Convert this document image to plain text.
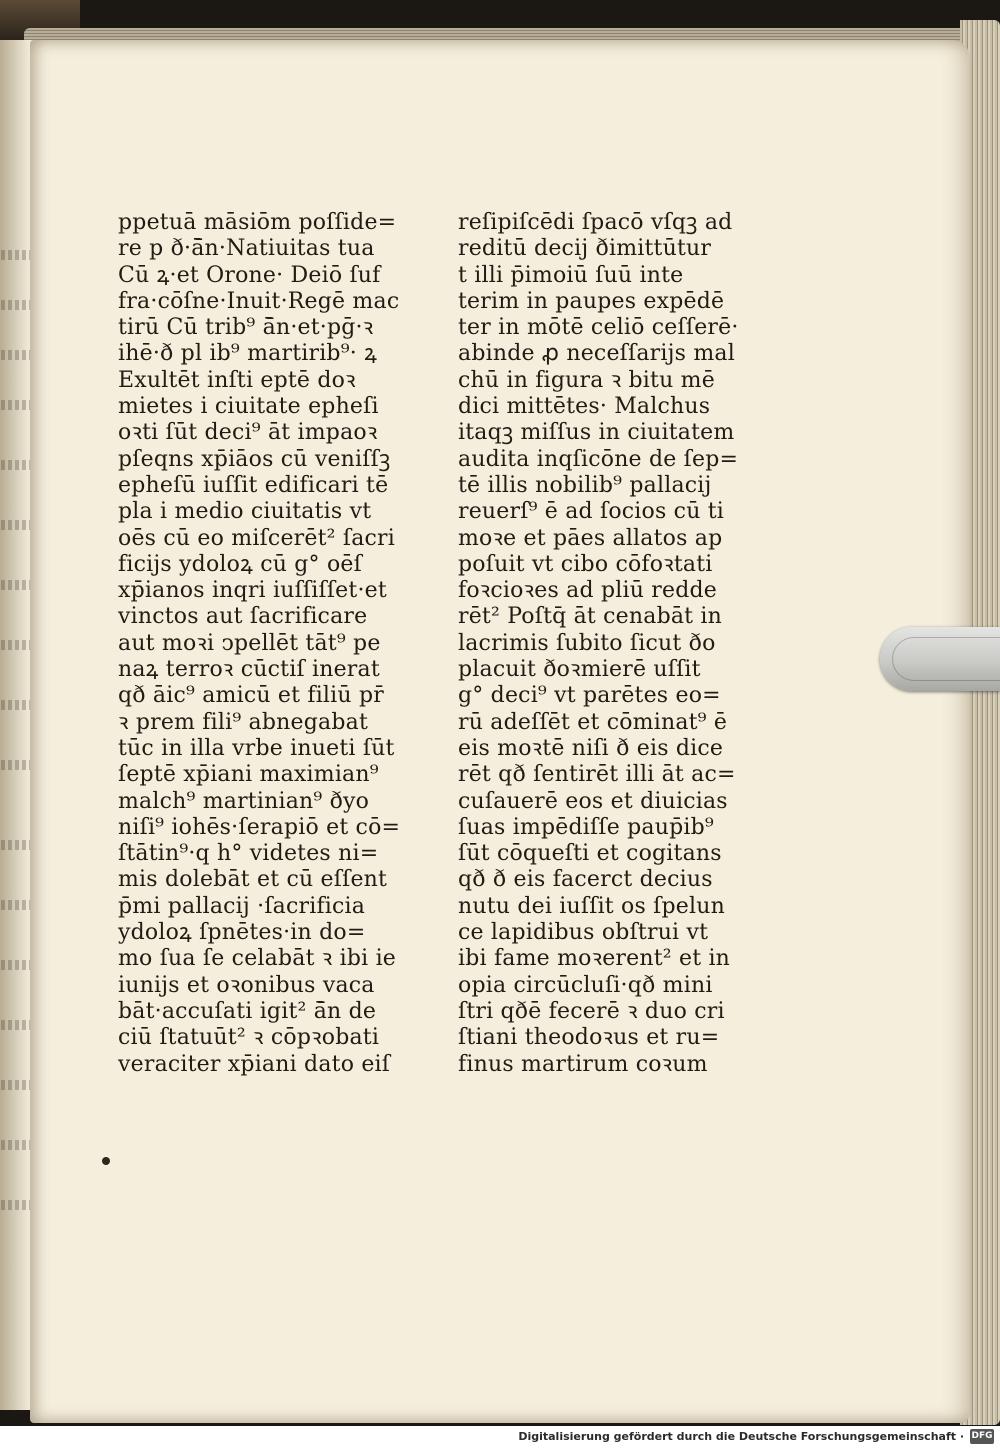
ppetuā māsiōm poſſide=
re p ð·ā̄n·Natiuitas tua
Cū ꝝ·et Orone· Deiō ſuf
fra·cōſne·Inuit·Regē mac
tirū Cū trib⁹ ā̄n·et·pḡ·ꝛ
ihē·ð pl ib⁹ martirib⁹· ꝝ
Exultēt inſti eptē doꝛ
mietes i ciuitate epheſi
oꝛti ſūt deci⁹ āt impaoꝛ
pſeqns xp̄iāos cū veniſſꝫ
epheſū iuſſit edificari tē
pla i medio ciuitatis vt
oēs cū eo miſcerēt² ſacri
ficijs ydoloꝝ cū g° oēſ
xp̄ianos inqri iuſſiſſet·et
vinctos aut ſacrificare
aut moꝛi ͻpellēt tāt⁹ pe
naꝝ terroꝛ cūctiſ inerat
qð āic⁹ amicū et filiū pr̄
ꝛ prem fili⁹ abnegabat
tūc in illa vrbe inueti ſūt
ſeptē xp̄iani maximian⁹
malch⁹ martinian⁹ ðyo
niſi⁹ iohēs·ſerapiō et cō=
ſtātin⁹·q h° videtes ni=
mis dolebāt et cū eſſent
p̄mi pallacij ·ſacrificia
ydoloꝝ ſpnētes·in do=
mo ſua ſe celabāt ꝛ ibi ie
iunijs et oꝛonibus vaca
bāt·accuſati igit² ā̄n de
ciū ſtatuūt² ꝛ cōpꝛobati
veraciter xp̄iani dato eiſ
reſipiſcēdi ſpacō vſqꝫ ad
reditū decij ðimittūtur
t illi p̄imoiū ſuū inte
terim in paupes expēdē
ter in mōtē celiō ceſſerē·
abinde ꝓ neceſſarijs mal
chū in figura ꝛ bitu mē
dici mittētes· Malchus
itaqꝫ miſſus in ciuitatem
audita inqſicōne de ſep=
tē illis nobilib⁹ pallacij
reuerſ⁹ ē ad ſocios cū ti
moꝛe et pāes allatos ap
poſuit vt cibo cōfoꝛtati
foꝛcioꝛes ad pliū redde
rēt² Poſtq̄ āt cenabāt in
lacrimis ſubito ſicut ðo
placuit ðoꝛmierē uſſit
g° deci⁹ vt parētes eo=
rū adeſſēt et cōminat⁹ ē
eis moꝛtē niſi ð eis dice
rēt qð ſentirēt illi āt ac=
cuſauerē eos et diuicias
ſuas impēdiſſe paup̄ib⁹
ſūt cōqueſti et cogitans
qð ð eis facerct decius
nutu dei iuſſit os ſpelun
ce lapidibus obſtrui vt
ibi fame moꝛerent² et in
opia circūcluſi·qð mini
ſtri qðē fecerē ꝛ duo cri
ſtiani theodoꝛus et ru=
finus martirum coꝛum
Digitalisierung gefördert durch die Deutsche Forschungsgemeinschaft · DFG
